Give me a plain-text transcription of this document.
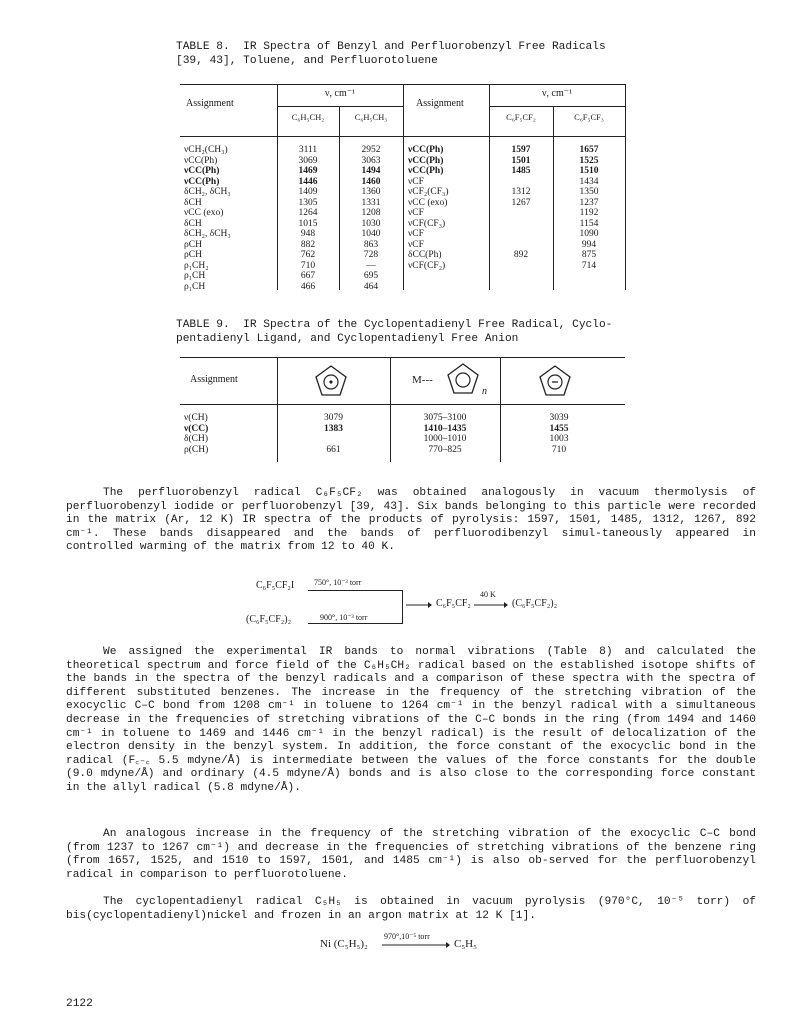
TABLE 8.  IR Spectra of Benzyl and Perfluorobenzyl Free Radicals
[39, 43], Toluene, and Perfluorotoluene
Assignment
ν, cm⁻¹
C₆H₅CH₂	C₆H₅CH₃
Assignment
ν, cm⁻¹
C₆F₅CF₂	C₆F₅CF₃
νCH₂(CH₃)	3111	2952
νCC(Ph)	3069	3063
νCC(Ph)	1469	1494
νCC(Ph)	1446	1460
δCH₂, δCH₃	1409	1360
δCH	1305	1331
νCC (exo)	1264	1208
δCH	1015	1030
δCH₂, δCH₃	948	1040
ρCH	882	863
ρCH	762	728
ρ₁CH₂	710	—
ρ₁CH	667	695
ρ₁CH	466	464
νCC(Ph)	1597	1657
νCC(Ph)	1501	1525
νCC(Ph)	1485	1510
νCF		1434
νCF₂(CF₃)	1312	1350
νCC (exo)	1267	1237
νCF		1192
νCF(CF₃)		1154
νCF		1090
νCF		994
δCC(Ph)	892	875
νCF(CF₂)		714
TABLE 9.  IR Spectra of the Cyclopentadienyl Free Radical, Cyclo-
pentadienyl Ligand, and Cyclopentadienyl Free Anion
Assignment	M---
n
ν(CH)	3079	3075–3100	3039
ν(CC)	1383	1410–1435	1455
δ(CH)		1000–1010	1003
ρ(CH)	661	770–825	710
The perfluorobenzyl radical C₆F₅CF₂ was obtained analogously in vacuum thermolysis of perfluorobenzyl iodide or perfluorobenzyl [39, 43]. Six bands belonging to this particle were recorded in the matrix (Ar, 12 K) IR spectra of the products of pyrolysis: 1597, 1501, 1485, 1312, 1267, 892 cm⁻¹. These bands disappeared and the bands of perfluorodibenzyl simul-taneously appeared in controlled warming of the matrix from 12 to 40 K.
C₆F₅CF₂I 750°, 10⁻³ torr
(C₆F₅CF₂)₂	900°, 10⁻³ torr
C₆F₅CF₂
40 K
(C₆F₅CF₂)₂
We assigned the experimental IR bands to normal vibrations (Table 8) and calculated the theoretical spectrum and force field of the C₆H₅CH₂ radical based on the established isotope shifts of the bands in the spectra of the benzyl radicals and a comparison of these spectra with the spectra of different substituted benzenes. The increase in the frequency of the stretching vibration of the exocyclic C–C bond from 1208 cm⁻¹ in toluene to 1264 cm⁻¹ in the benzyl radical with a simultaneous decrease in the frequencies of stretching vibrations of the C–C bonds in the ring (from 1494 and 1460 cm⁻¹ in toluene to 1469 and 1446 cm⁻¹ in the benzyl radical) is the result of delocalization of the electron density in the benzyl system. In addition, the force constant of the exocyclic bond in the radical (F꜀₋꜀ 5.5 mdyne/Å) is intermediate between the values of the force constants for the double (9.0 mdyne/Å) and ordinary (4.5 mdyne/Å) bonds and is also close to the corresponding force constant in the allyl radical (5.8 mdyne/Å).
An analogous increase in the frequency of the stretching vibration of the exocyclic C–C bond (from 1237 to 1267 cm⁻¹) and decrease in the frequencies of stretching vibrations of the benzene ring (from 1657, 1525, and 1510 to 1597, 1501, and 1485 cm⁻¹) is also ob-served for the perfluorobenzyl radical in comparison to perfluorotoluene.
The cyclopentadienyl radical C₅H₅ is obtained in vacuum pyrolysis (970°C, 10⁻⁵ torr) of bis(cyclopentadienyl)nickel and frozen in an argon matrix at 12 K [1].
Ni (C₅H₅)₂
970°,10⁻⁵ torr
C₅H₅
2122
